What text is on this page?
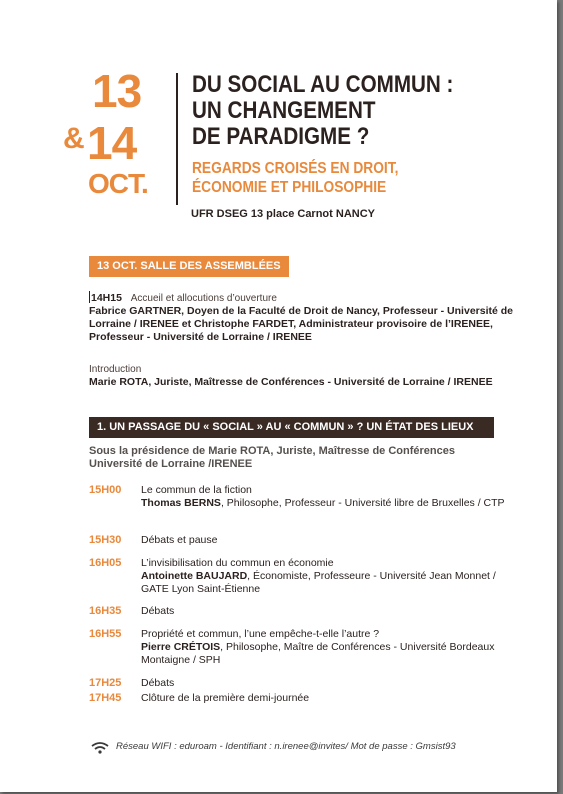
13
& 14
OCT.
DU SOCIAL AU COMMUN :
UN CHANGEMENT
DE PARADIGME ?
REGARDS CROISÉS EN DROIT,
ÉCONOMIE ET PHILOSOPHIE
UFR DSEG 13 place Carnot NANCY
13 OCT. SALLE DES ASSEMBLÉES
14H15 Accueil et allocutions d’ouverture
Fabrice GARTNER, Doyen de la Faculté de Droit de Nancy, Professeur - Université de Lorraine / IRENEE et Christophe FARDET, Administrateur provisoire de l’IRENEE, Professeur - Université de Lorraine / IRENEE
Introduction
Marie ROTA, Juriste, Maîtresse de Conférences - Université de Lorraine / IRENEE
1. UN PASSAGE DU « SOCIAL » AU « COMMUN » ? UN ÉTAT DES LIEUX
Sous la présidence de Marie ROTA, Juriste, Maîtresse de Conférences Université de Lorraine /IRENEE
15H00 Le commun de la fiction
Thomas BERNS, Philosophe, Professeur - Université libre de Bruxelles / CTP
15H30 Débats et pause
16H05 L’invisibilisation du commun en économie
Antoinette BAUJARD, Économiste, Professeure - Université Jean Monnet / GATE Lyon Saint-Étienne
16H35 Débats
16H55 Propriété et commun, l’une empêche-t-elle l’autre ?
Pierre CRÉTOIS, Philosophe, Maître de Conférences - Université Bordeaux Montaigne / SPH
17H25 Débats
17H45 Clôture de la première demi-journée
Réseau WIFI : eduroam - Identifiant : n.irenee@invites/ Mot de passe : Gmsist93
